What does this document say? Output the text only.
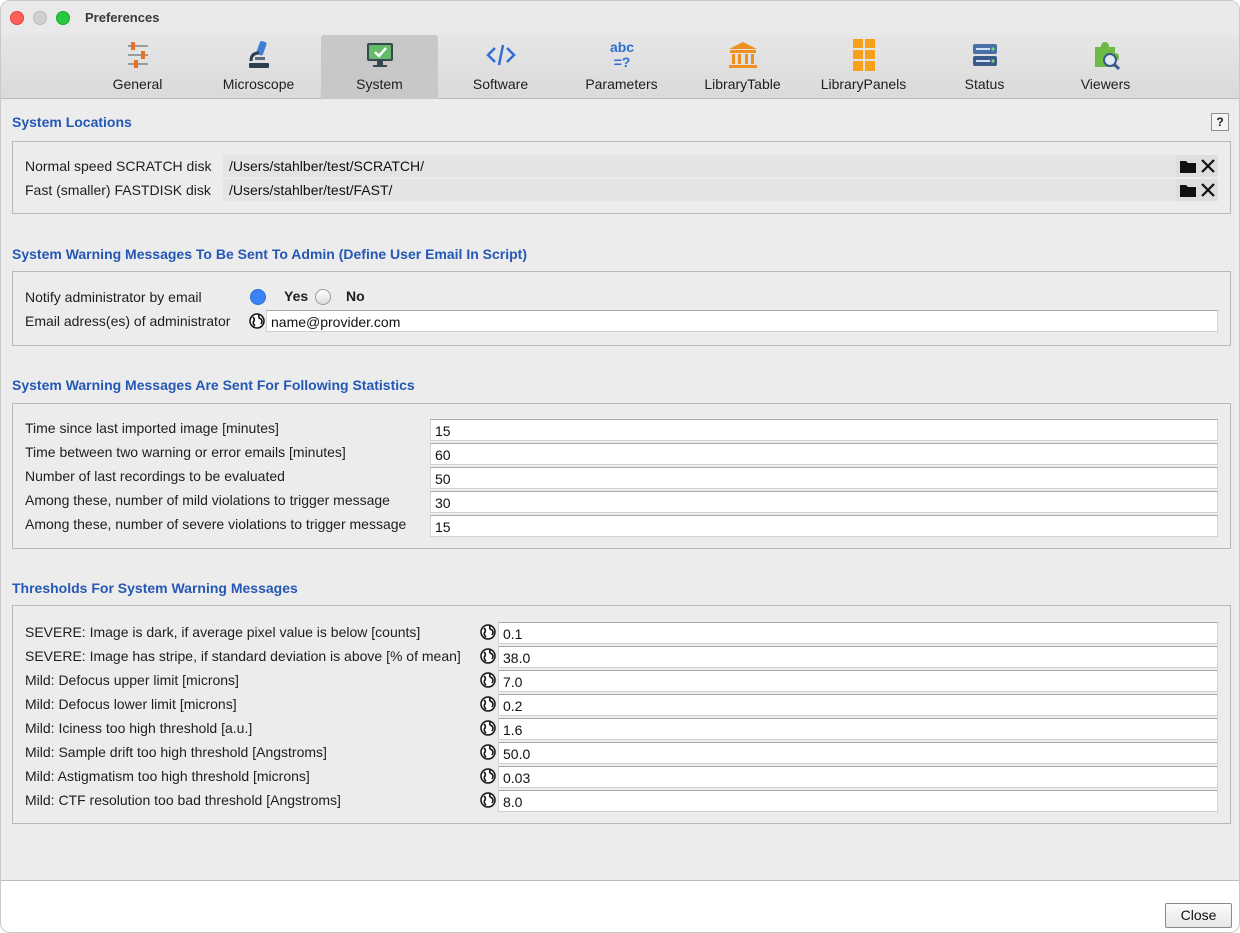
Preferences
General	Microscope	System	Software
abc
=?
Parameters	LibraryTable	LibraryPanels	Status	Viewers
System Locations	?
Normal speed SCRATCH disk	/Users/stahlber/test/SCRATCH/
Fast (smaller) FASTDISK disk	/Users/stahlber/test/FAST/
System Warning Messages To Be Sent To Admin (Define User Email In Script)
Notify administrator by email	Yes	No
Email adress(es) of administrator	name@provider.com
System Warning Messages Are Sent For Following Statistics
Time since last imported image [minutes]	15
Time between two warning or error emails [minutes]	60
Number of last recordings to be evaluated	50
Among these, number of mild violations to trigger message	30
Among these, number of severe violations to trigger message	15
Thresholds For System Warning Messages
SEVERE: Image is dark, if average pixel value is below [counts]	0.1
SEVERE: Image has stripe, if standard deviation is above [% of mean]	38.0
Mild: Defocus upper limit [microns]	7.0
Mild: Defocus lower limit [microns]	0.2
Mild: Iciness too high threshold [a.u.]	1.6
Mild: Sample drift too high threshold [Angstroms]	50.0
Mild: Astigmatism too high threshold [microns]	0.03
Mild: CTF resolution too bad threshold [Angstroms]	8.0
Close
